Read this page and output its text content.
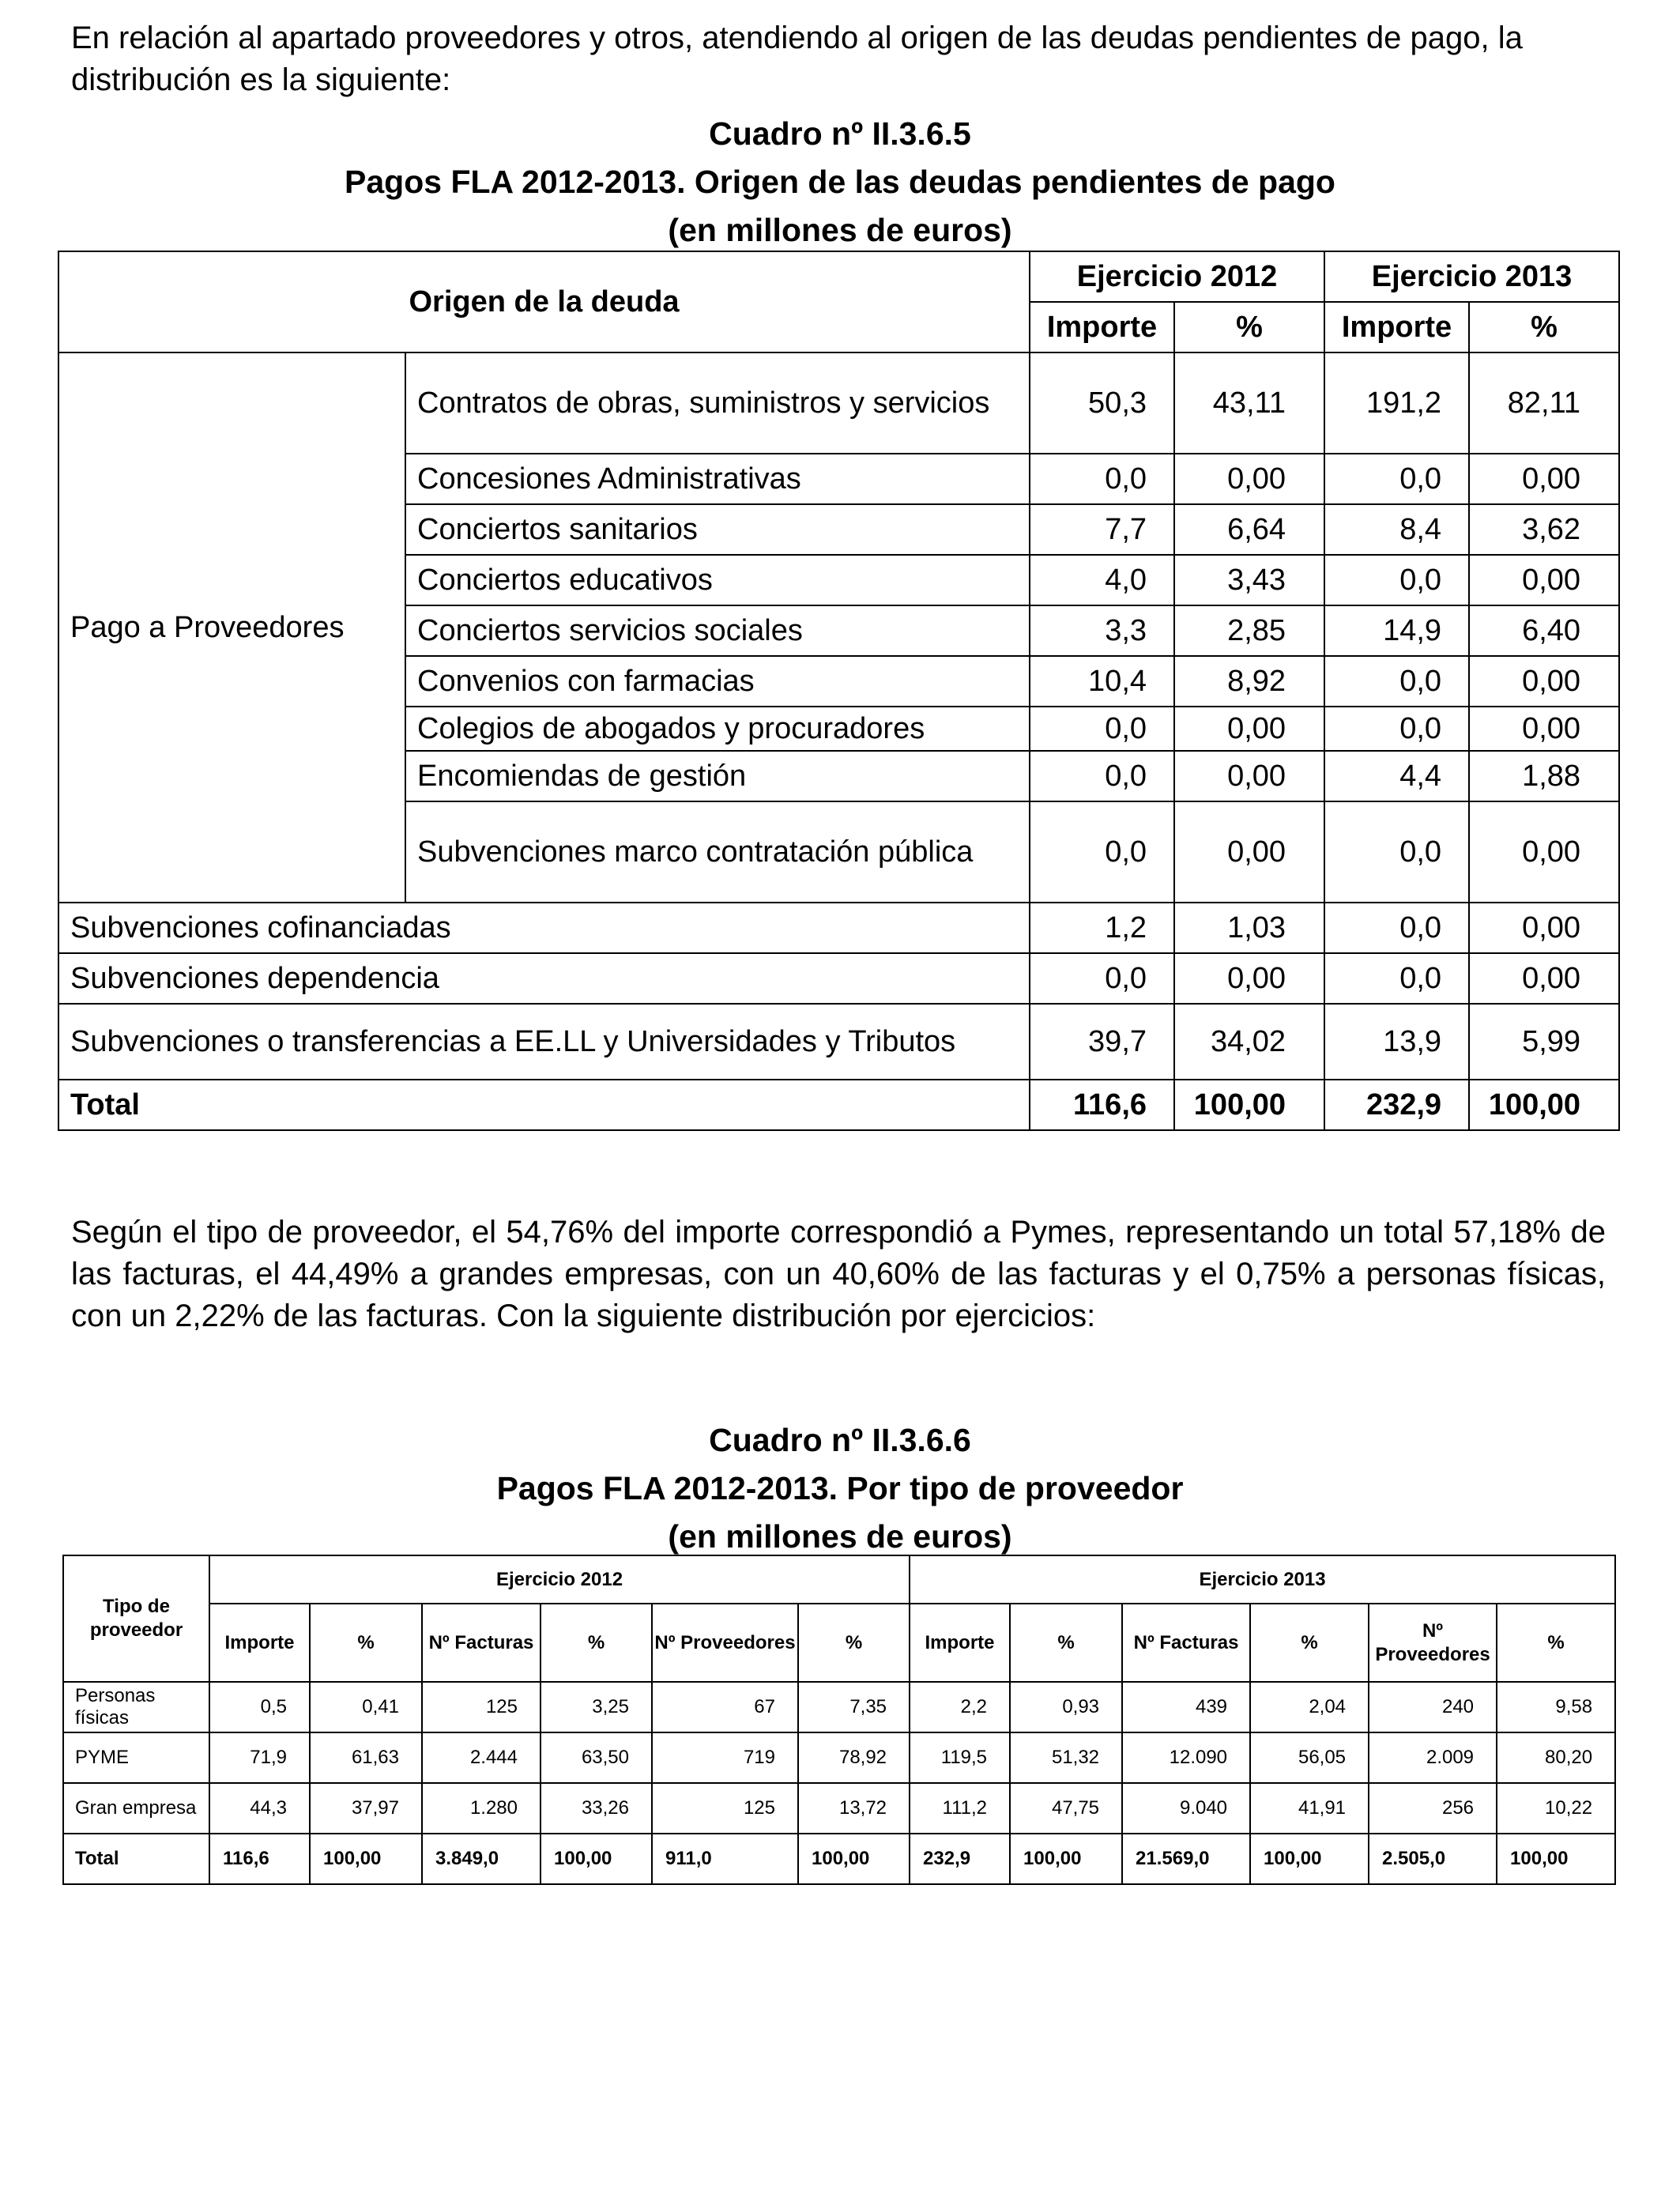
En relación al apartado proveedores y otros, atendiendo al origen de las deudas pendientes de pago, la distribución es la siguiente:

Cuadro nº II.3.6.5
Pagos FLA 2012-2013. Origen de las deudas pendientes de pago
(en millones de euros)
Origen de la deuda		Ejercicio 2012		Ejercicio 2013	
		Importe	%	Importe	%
Pago a Proveedores	Contratos de obras, suministros y servicios	50,3	43,11	191,2	82,11
	Concesiones Administrativas	0,0	0,00	0,0	0,00
	Conciertos sanitarios	7,7	6,64	8,4	3,62
	Conciertos educativos	4,0	3,43	0,0	0,00
	Conciertos servicios sociales	3,3	2,85	14,9	6,40
	Convenios con farmacias	10,4	8,92	0,0	0,00
	Colegios de abogados y procuradores	0,0	0,00	0,0	0,00
	Encomiendas de gestión	0,0	0,00	4,4	1,88
	Subvenciones marco contratación pública	0,0	0,00	0,0	0,00
Subvenciones cofinanciadas		1,2	1,03	0,0	0,00
Subvenciones dependencia		0,0	0,00	0,0	0,00
Subvenciones o transferencias a EE.LL y Universidades y Tributos		39,7	34,02	13,9	5,99
Total		116,6	100,00	232,9	100,00

Según el tipo de proveedor, el 54,76% del importe correspondió a Pymes, representando un total 57,18% de las facturas, el 44,49% a grandes empresas, con un 40,60% de las facturas y el 0,75% a personas físicas, con un 2,22% de las facturas. Con la siguiente distribución por ejercicios:

Cuadro nº II.3.6.6
Pagos FLA 2012-2013. Por tipo de proveedor
(en millones de euros)
Tipo de proveedor	Ejercicio 2012						Ejercicio 2013					
	Importe	%	Nº Facturas	%	Nº Proveedores	%	Importe	%	Nº Facturas	%	Nº Proveedores	%
Personas físicas	0,5	0,41	125	3,25	67	7,35	2,2	0,93	439	2,04	240	9,58
PYME	71,9	61,63	2.444	63,50	719	78,92	119,5	51,32	12.090	56,05	2.009	80,20
Gran empresa	44,3	37,97	1.280	33,26	125	13,72	111,2	47,75	9.040	41,91	256	10,22
Total	116,6	100,00	3.849,0	100,00	911,0	100,00	232,9	100,00	21.569,0	100,00	2.505,0	100,00
